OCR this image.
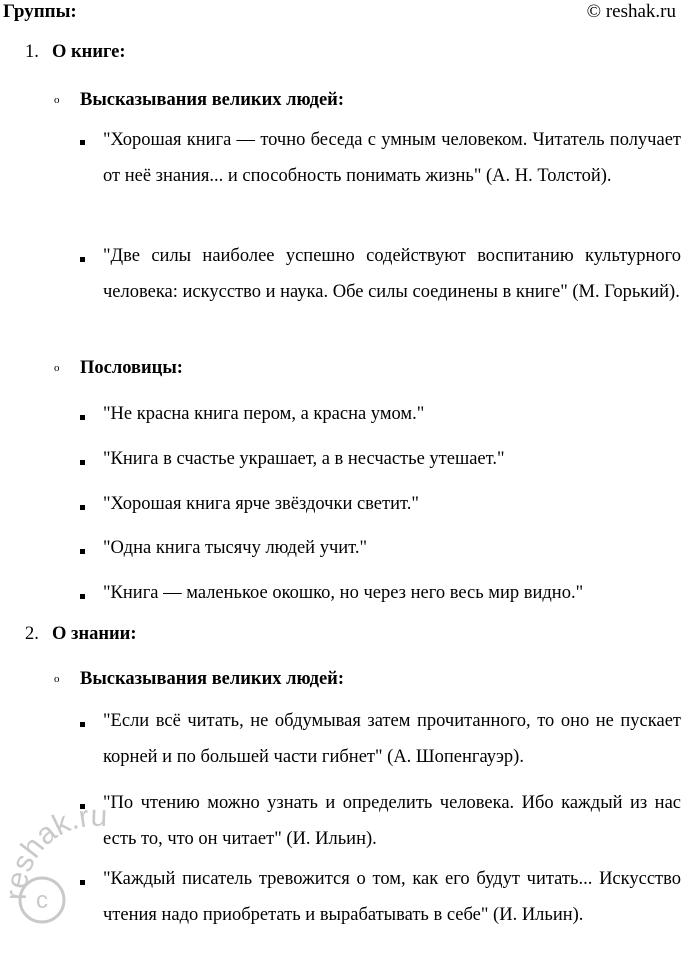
Группы:	© reshak.ru
1. О книге:
o Высказывания великих людей:
"Хорошая книга — точно беседа с умным человеком. Читатель получает от неё знания... и способность понимать жизнь" (А. Н. Толстой).
"Две силы наиболее успешно содействуют воспитанию культурного человека: искусство и наука. Обе силы соединены в книге" (М. Горький).
o Пословицы:
"Не красна книга пером, а красна умом."
"Книга в счастье украшает, а в несчастье утешает."
"Хорошая книга ярче звёздочки светит."
"Одна книга тысячу людей учит."
"Книга — маленькое окошко, но через него весь мир видно."
2. О знании:
o Высказывания великих людей:
"Если всё читать, не обдумывая затем прочитанного, то оно не пускает корней и по большей части гибнет" (А. Шопенгауэр).
"По чтению можно узнать и определить человека. Ибо каждый из нас есть то, что он читает" (И. Ильин).
"Каждый писатель тревожится о том, как его будут читать... Искусство чтения надо приобретать и вырабатывать в себе" (И. Ильин).
c
reshak.ru
